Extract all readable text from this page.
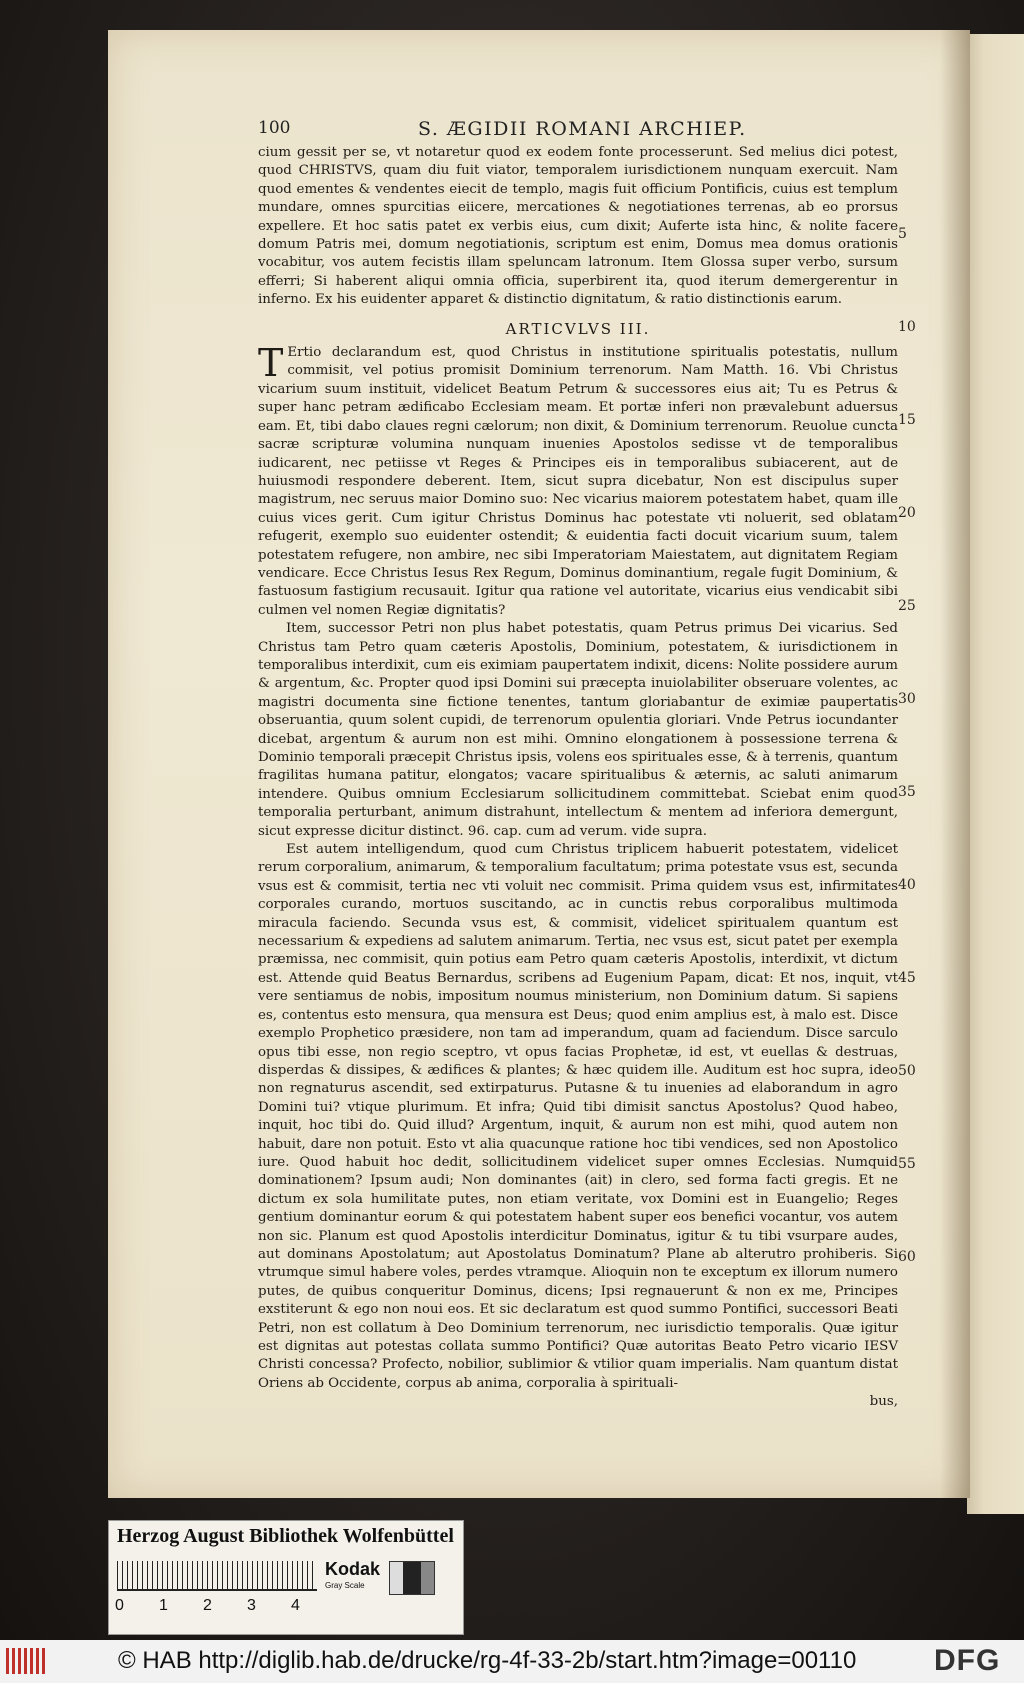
100	S. ÆGIDII ROMANI ARCHIEP.

cium gessit per se, vt notaretur quod ex eodem fonte processerunt. Sed melius dici potest, quod CHRISTVS, quam diu fuit viator, temporalem iurisdictionem nunquam exercuit. Nam quod ementes & vendentes eiecit de templo, magis fuit officium Pontificis, cuius est templum mundare, omnes spurcitias eiicere, mercationes & negotiationes terrenas, ab eo prorsus expellere. Et hoc satis patet ex verbis eius, cum dixit; Auferte ista hinc, & nolite facere domum Patris mei, domum negotiationis, scriptum est enim, Domus mea domus orationis vocabitur, vos autem fecistis illam speluncam latronum. Item Glossa super verbo, sursum efferri; Si haberent aliqui omnia officia, superbirent ita, quod iterum demergerentur in inferno. Ex his euidenter apparet & distinctio dignitatum, & ratio distinctionis earum.

ARTICVLVS III.

T Ertio declarandum est, quod Christus in institutione spiritualis potestatis, nullum commisit, vel potius promisit Dominium terrenorum. Nam Matth. 16. Vbi Christus vicarium suum instituit, videlicet Beatum Petrum & successores eius ait; Tu es Petrus & super hanc petram ædificabo Ecclesiam meam. Et portæ inferi non prævalebunt aduersus eam. Et, tibi dabo claues regni cælorum; non dixit, & Dominium terrenorum. Reuolue cuncta sacræ scripturæ volumina nunquam inuenies Apostolos sedisse vt de temporalibus iudicarent, nec petiisse vt Reges & Principes eis in temporalibus subiacerent, aut de huiusmodi responderе deberent. Item, sicut supra dicebatur, Non est discipulus super magistrum, nec seruus maior Domino suo: Nec vicarius maiorem potestatem habet, quam ille cuius vices gerit. Cum igitur Christus Dominus hac potestate vti noluerit, sed oblatam refugerit, exemplo suo euidenter ostendit; & euidentia facti docuit vicarium suum, talem potestatem refugere, non ambire, nec sibi Imperatoriam Maiestatem, aut dignitatem Regiam vendicare. Ecce Christus Iesus Rex Regum, Dominus dominantium, regale fugit Dominium, & fastuosum fastigium recusauit. Igitur qua ratione vel autoritate, vicarius eius vendicabit sibi culmen vel nomen Regiæ dignitatis?

Item, successor Petri non plus habet potestatis, quam Petrus primus Dei vicarius. Sed Christus tam Petro quam cæteris Apostolis, Dominium, potestatem, & iurisdictionem in temporalibus interdixit, cum eis eximiam paupertatem indixit, dicens: Nolite possidere aurum & argentum, &c. Propter quod ipsi Domini sui præcepta inuiolabiliter obseruare volentes, ac magistri documenta sine fictione tenentes, tantum gloriabantur de eximiæ paupertatis obseruantia, quum solent cupidi, de terrenorum opulentia gloriari. Vnde Petrus iocundanter dicebat, argentum & aurum non est mihi. Omnino elongationem à possessione terrena & Dominio temporali præcepit Christus ipsis, volens eos spirituales esse, & à terrenis, quantum fragilitas humana patitur, elongatos; vacare spiritualibus & æternis, ac saluti animarum intendere. Quibus omnium Ecclesiarum sollicitudinem committebat. Sciebat enim quod temporalia perturbant, animum distrahunt, intellectum & mentem ad inferiora demergunt, sicut expresse dicitur distinct. 96. cap. cum ad verum. vide supra.

Est autem intelligendum, quod cum Christus triplicem habuerit potestatem, videlicet rerum corporalium, animarum, & temporalium facultatum; prima potestate vsus est, secunda vsus est & commisit, tertia nec vti voluit nec commisit. Prima quidem vsus est, infirmitates corporales curando, mortuos suscitando, ac in cunctis rebus corporalibus multimoda miracula faciendo. Secunda vsus est, & commisit, videlicet spiritualem quantum est necessarium & expediens ad salutem animarum. Tertia, nec vsus est, sicut patet per exempla præmissa, nec commisit, quin potius eam Petro quam cæteris Apostolis, interdixit, vt dictum est. Attende quid Beatus Bernardus, scribens ad Eugenium Papam, dicat: Et nos, inquit, vt vere sentiamus de nobis, impositum noumus ministerium, non Dominium datum. Si sapiens es, contentus esto mensura, qua mensura est Deus; quod enim amplius est, à malo est. Disce exemplo Prophetico præsidere, non tam ad imperandum, quam ad faciendum. Disce sarculo opus tibi esse, non regio sceptro, vt opus facias Prophetæ, id est, vt euellas & destruas, disperdas & dissipes, & ædifices & plantes; & hæc quidem ille. Auditum est hoc supra, ideo non regnaturus ascendit, sed extirpaturus. Putasne & tu inuenies ad elaborandum in agro Domini tui? vtique plurimum. Et infra; Quid tibi dimisit sanctus Apostolus? Quod habeo, inquit, hoc tibi do. Quid illud? Argentum, inquit, & aurum non est mihi, quod autem non habuit, dare non potuit. Esto vt alia quacunque ratione hoc tibi vendices, sed non Apostolico iure. Quod habuit hoc dedit, sollicitudinem videlicet super omnes Ecclesias. Numquid dominationem? Ipsum audi; Non dominantes (ait) in clero, sed forma facti gregis. Et ne dictum ex sola humilitate putes, non etiam veritate, vox Domini est in Euangelio; Reges gentium dominantur eorum & qui potestatem habent super eos benefici vocantur, vos autem non sic. Planum est quod Apostolis interdicitur Dominatus, igitur & tu tibi vsurpare audes, aut dominans Apostolatum; aut Apostolatus Dominatum? Plane ab alterutro prohiberis. Si vtrumque simul habere voles, perdes vtramque. Alioquin non te exceptum ex illorum numero putes, de quibus conqueritur Dominus, dicens; Ipsi regnauerunt & non ex me, Principes exstiterunt & ego non noui eos. Et sic declaratum est quod summo Pontifici, successori Beati Petri, non est collatum à Deo Dominium terrenorum, nec iurisdictio temporalis. Quæ igitur est dignitas aut potestas collata summo Pontifici? Quæ autoritas Beato Petro vicario IESV Christi concessa? Profecto, nobilior, sublimior & vtilior quam imperialis. Nam quantum distat Oriens ab Occidente, corpus ab anima, corporalia à spirituali-

bus,

5
10
15
20
25
30
35
40
45
50
55
60
Herzog August Bibliothek Wolfenbüttel
0 1 2 3 4
Kodak
Gray Scale
© HAB http://diglib.hab.de/drucke/rg-4f-33-2b/start.htm?image=00110	DFG
